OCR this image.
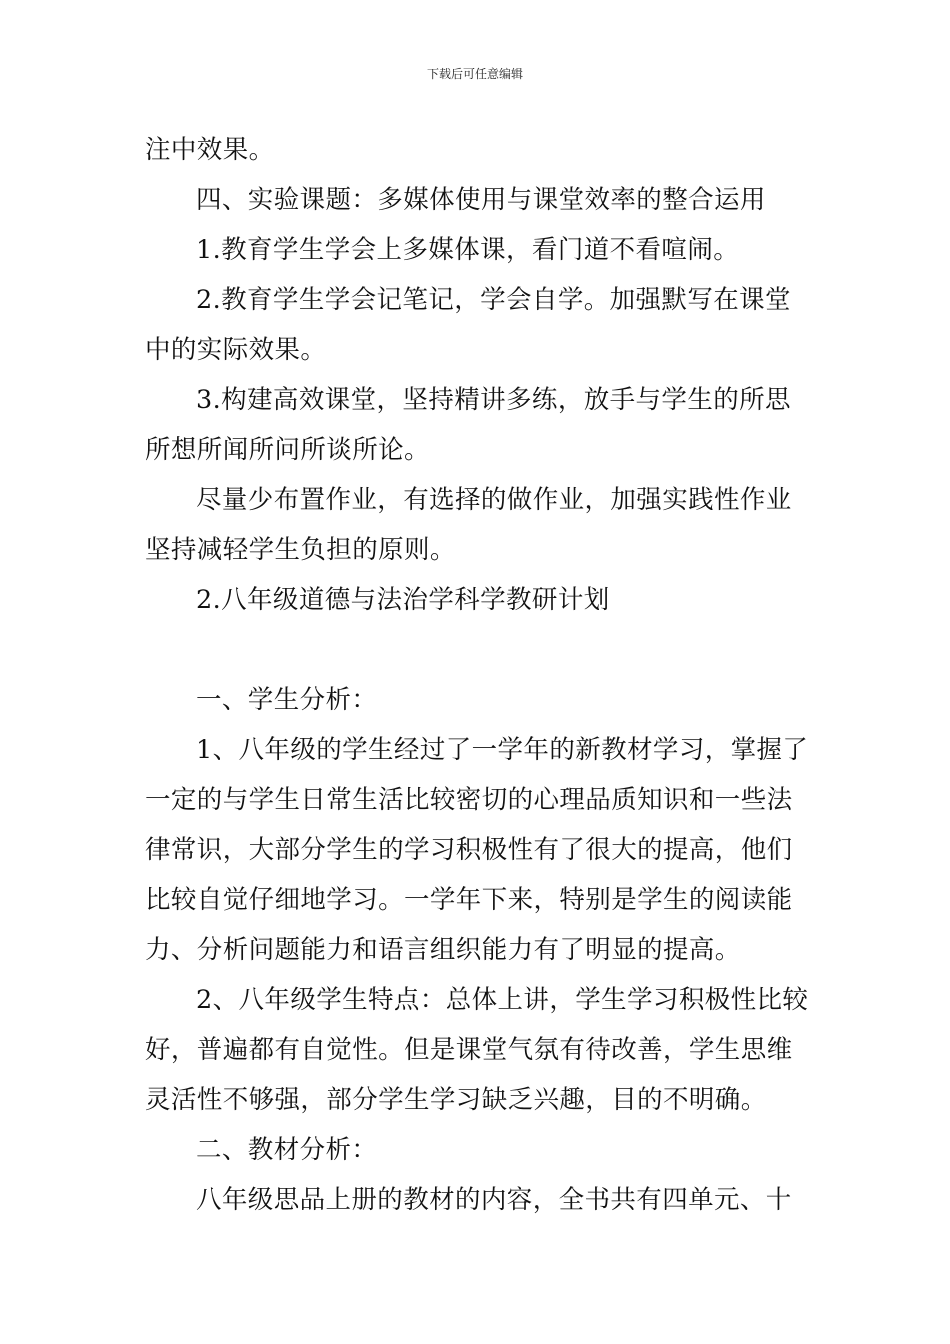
下载后可任意编辑
注中效果。
四、实验课题：多媒体使用与课堂效率的整合运用
1.教育学生学会上多媒体课，看门道不看喧闹。
2.教育学生学会记笔记，学会自学。加强默写在课堂
中的实际效果。
3.构建高效课堂，坚持精讲多练，放手与学生的所思
所想所闻所问所谈所论。
尽量少布置作业，有选择的做作业，加强实践性作业
坚持减轻学生负担的原则。
2.八年级道德与法治学科学教研计划
一、学生分析：
1、八年级的学生经过了一学年的新教材学习，掌握了
一定的与学生日常生活比较密切的心理品质知识和一些法
律常识，大部分学生的学习积极性有了很大的提高，他们
比较自觉仔细地学习。一学年下来，特别是学生的阅读能
力、分析问题能力和语言组织能力有了明显的提高。
2、八年级学生特点：总体上讲，学生学习积极性比较
好，普遍都有自觉性。但是课堂气氛有待改善，学生思维
灵活性不够强，部分学生学习缺乏兴趣，目的不明确。
二、教材分析：
八年级思品上册的教材的内容，全书共有四单元、十
